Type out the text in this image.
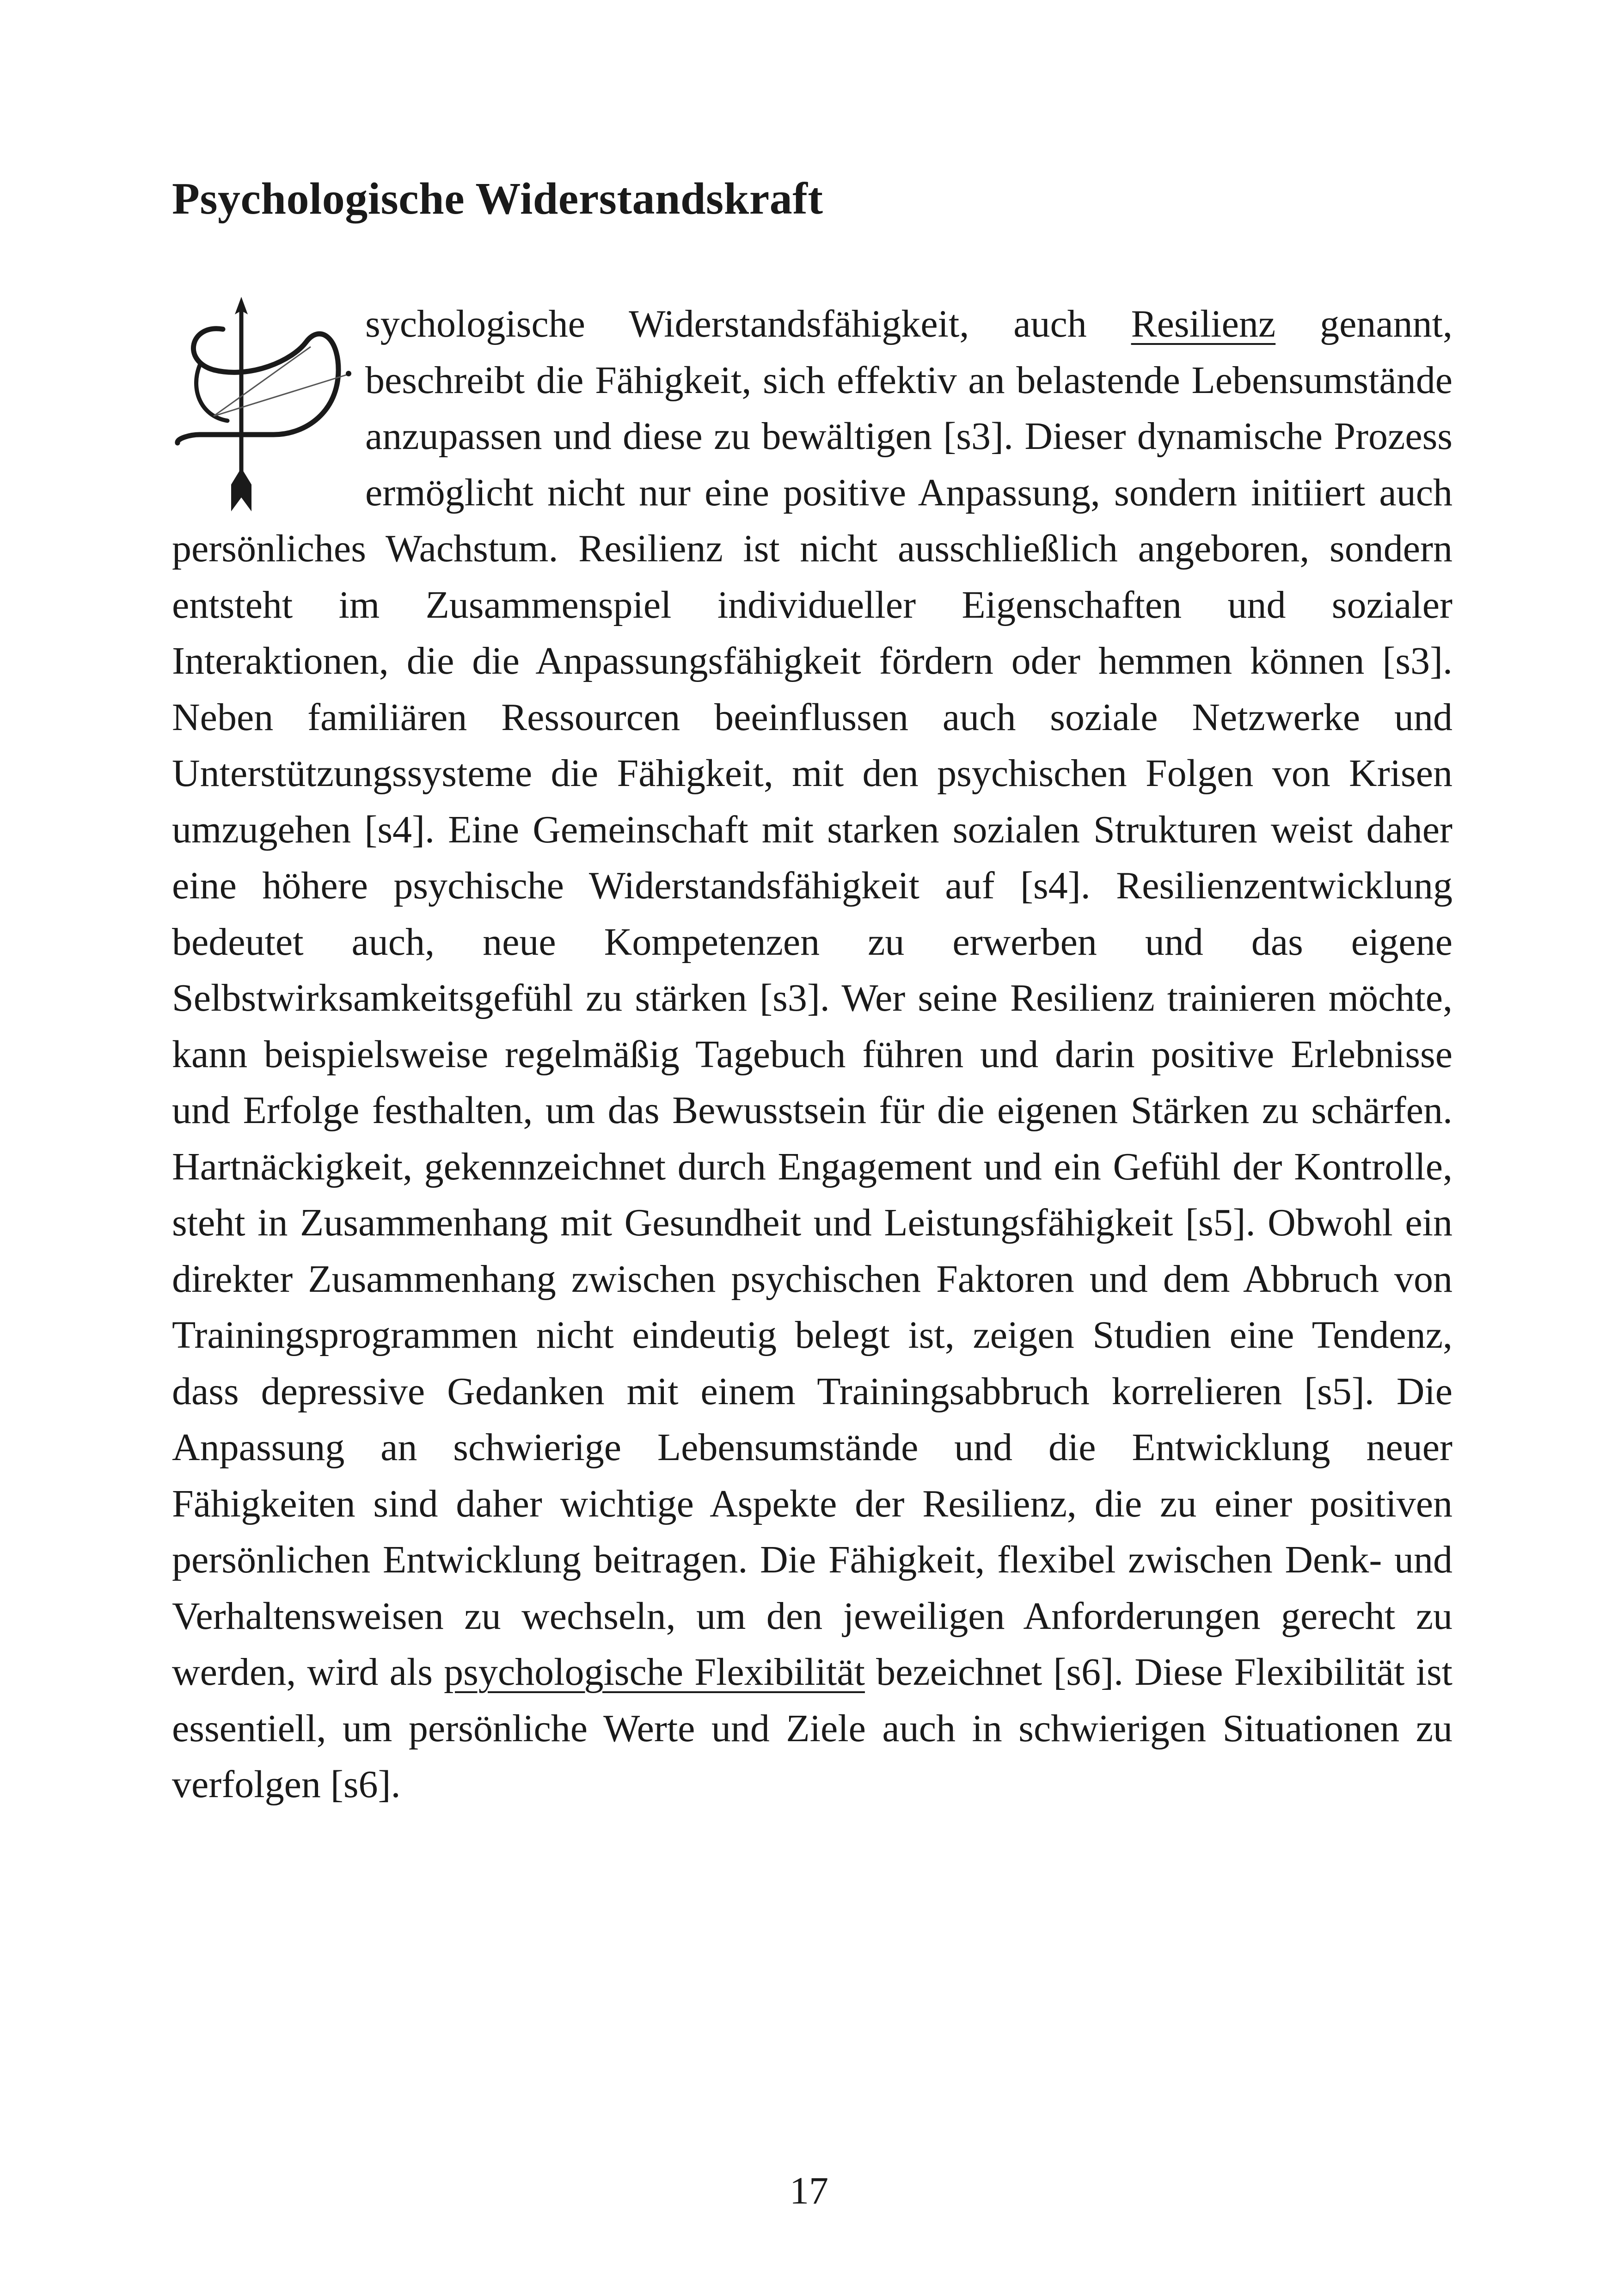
Psychologische Widerstandskraft

sychologische Widerstandsfähigkeit, auch Resilienz genannt, beschreibt die Fähigkeit, sich effektiv an belastende Lebensumstände anzupassen und diese zu bewältigen [s3]. Dieser dynamische Prozess ermöglicht nicht nur eine positive Anpassung, sondern initiiert auch persönliches Wachstum. Resilienz ist nicht ausschließlich angeboren, sondern entsteht im Zusammenspiel individueller Eigenschaften und sozialer Interaktionen, die die Anpassungsfähigkeit fördern oder hemmen können [s3]. Neben familiären Ressourcen beeinflussen auch soziale Netzwerke und Unterstützungssysteme die Fähigkeit, mit den psychischen Folgen von Krisen umzugehen [s4]. Eine Gemeinschaft mit starken sozialen Strukturen weist daher eine höhere psychische Widerstandsfähigkeit auf [s4]. Resilienzentwicklung bedeutet auch, neue Kompetenzen zu erwerben und das eigene Selbstwirksamkeitsgefühl zu stärken [s3]. Wer seine Resilienz trainieren möchte, kann beispielsweise regelmäßig Tagebuch führen und darin positive Erlebnisse und Erfolge festhalten, um das Bewusstsein für die eigenen Stärken zu schärfen. Hartnäckigkeit, gekennzeichnet durch Engagement und ein Gefühl der Kontrolle, steht in Zusammenhang mit Gesundheit und Leistungsfähigkeit [s5]. Obwohl ein direkter Zusammenhang zwischen psychischen Faktoren und dem Abbruch von Trainingsprogrammen nicht eindeutig belegt ist, zeigen Studien eine Tendenz, dass depressive Gedanken mit einem Trainingsabbruch korrelieren [s5]. Die Anpassung an schwierige Lebensumstände und die Entwicklung neuer Fähigkeiten sind daher wichtige Aspekte der Resilienz, die zu einer positiven persönlichen Entwicklung beitragen. Die Fähigkeit, flexibel zwischen Denk- und Verhaltensweisen zu wechseln, um den jeweiligen Anforderungen gerecht zu werden, wird als psychologische Flexibilität bezeichnet [s6]. Diese Flexibilität ist essentiell, um persönliche Werte und Ziele auch in schwierigen Situationen zu verfolgen [s6].

17
